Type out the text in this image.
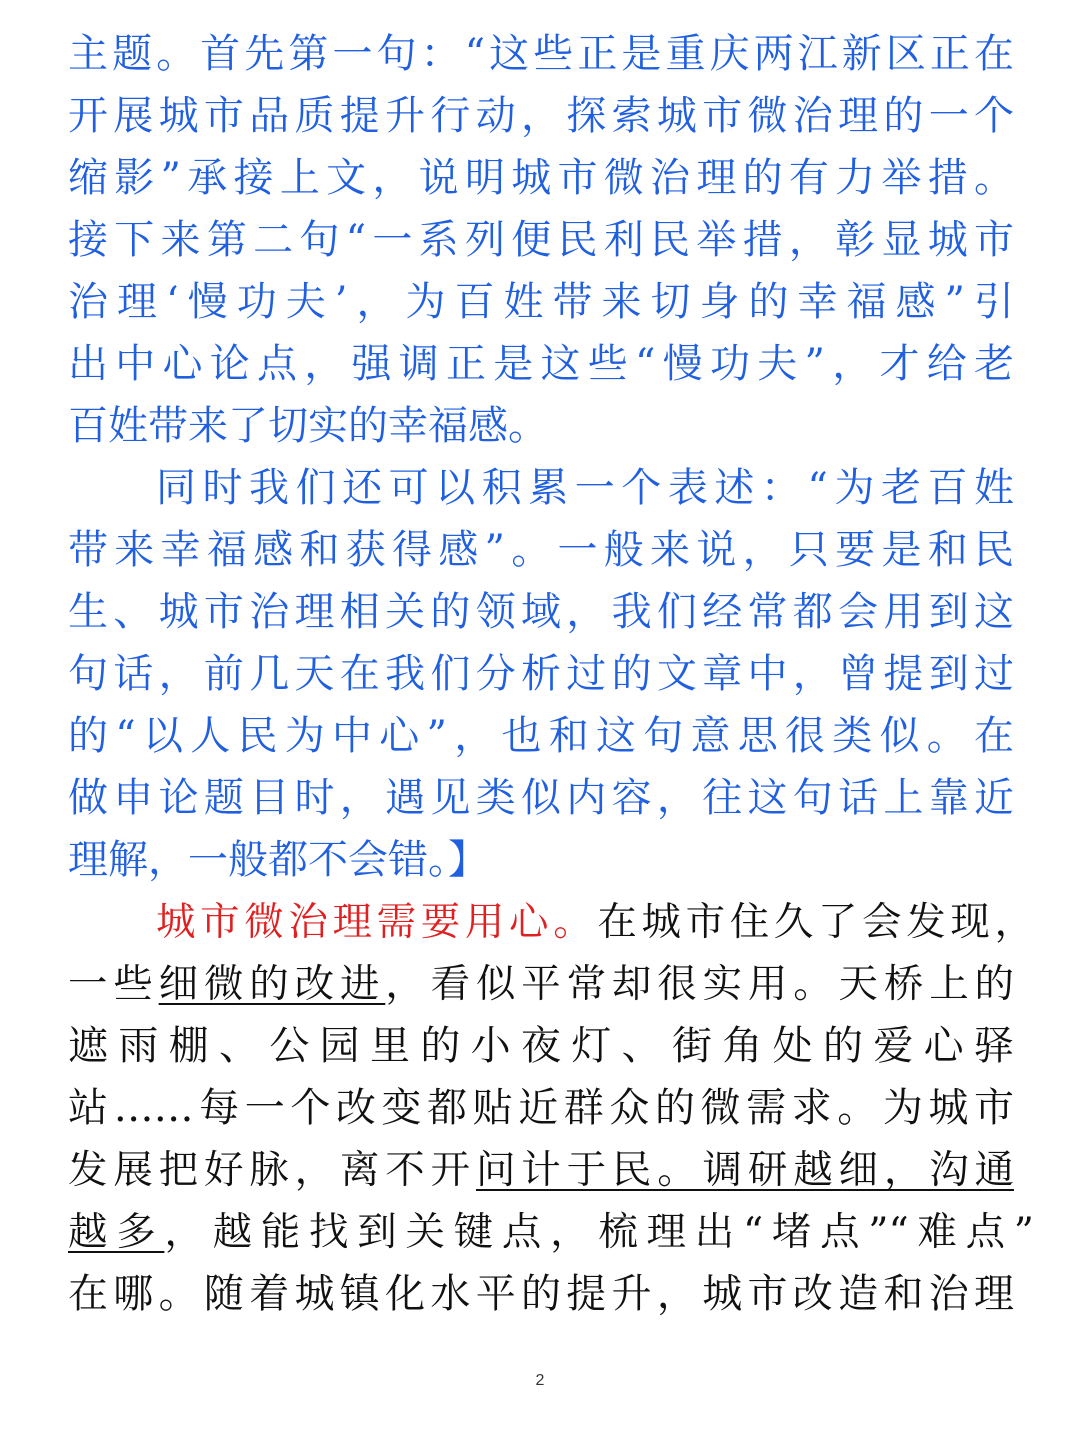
主题。首先第一句：“这些正是重庆两江新区正在
开展城市品质提升行动，探索城市微治理的一个
缩影”承接上文，说明城市微治理的有力举措。
接下来第二句“一系列便民利民举措，彰显城市
治理‘慢功夫’，为百姓带来切身的幸福感”引
出中心论点，强调正是这些“慢功夫”，才给老
百姓带来了切实的幸福感。
同时我们还可以积累一个表述：“为老百姓
带来幸福感和获得感”。一般来说，只要是和民
生、城市治理相关的领域，我们经常都会用到这
句话，前几天在我们分析过的文章中，曾提到过
的“以人民为中心”，也和这句意思很类似。在
做申论题目时，遇见类似内容，往这句话上靠近
理解，一般都不会错。】
城市微治理需要用心。在城市住久了会发现，
一些细微的改进，看似平常却很实用。天桥上的
遮雨棚、公园里的小夜灯、街角处的爱心驿
站……每一个改变都贴近群众的微需求。为城市
发展把好脉，离不开问计于民。调研越细，沟通
越多，越能找到关键点，梳理出“堵点”“难点”
在哪。随着城镇化水平的提升，城市改造和治理
2
